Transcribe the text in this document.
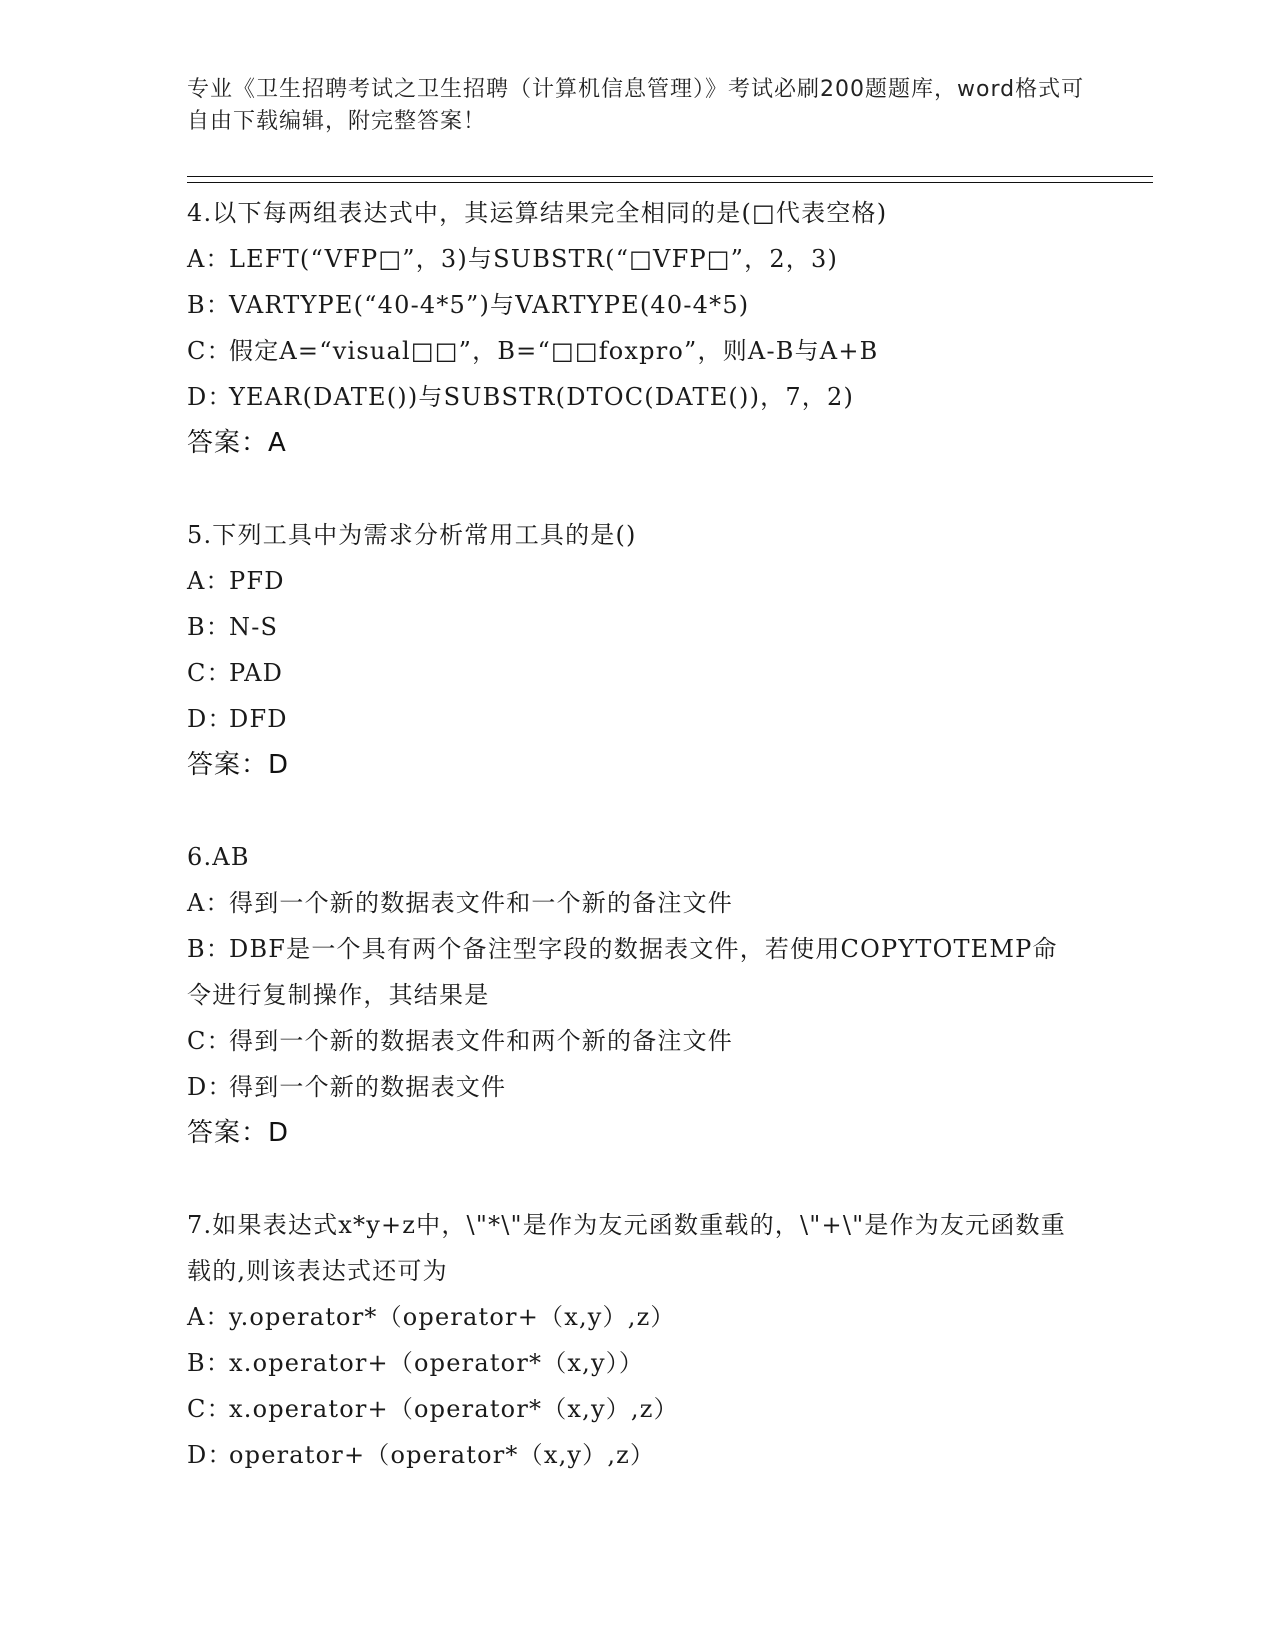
专业《卫生招聘考试之卫生招聘（计算机信息管理）》考试必刷200题题库，word格式可自由下载编辑，附完整答案！
4.以下每两组表达式中，其运算结果完全相同的是(□代表空格)
A：LEFT(“VFP□”，3)与SUBSTR(“□VFP□”，2，3)
B：VARTYPE(“40-4*5”)与VARTYPE(40-4*5)
C：假定A=“visual□□”，B=“□□foxpro”，则A-B与A+B
D：YEAR(DATE())与SUBSTR(DTOC(DATE())，7，2)
答案：A
5.下列工具中为需求分析常用工具的是()
A：PFD
B：N-S
C：PAD
D：DFD
答案：D
6.AB
A：得到一个新的数据表文件和一个新的备注文件
B：DBF是一个具有两个备注型字段的数据表文件，若使用COPYTOTEMP命令进行复制操作，其结果是
C：得到一个新的数据表文件和两个新的备注文件
D：得到一个新的数据表文件
答案：D
7.如果表达式x*y+z中，\"*\"是作为友元函数重载的，\"+\"是作为友元函数重载的,则该表达式还可为
A：y.operator*（operator+（x,y）,z）
B：x.operator+（operator*（x,y））
C：x.operator+（operator*（x,y）,z）
D：operator+（operator*（x,y）,z）
